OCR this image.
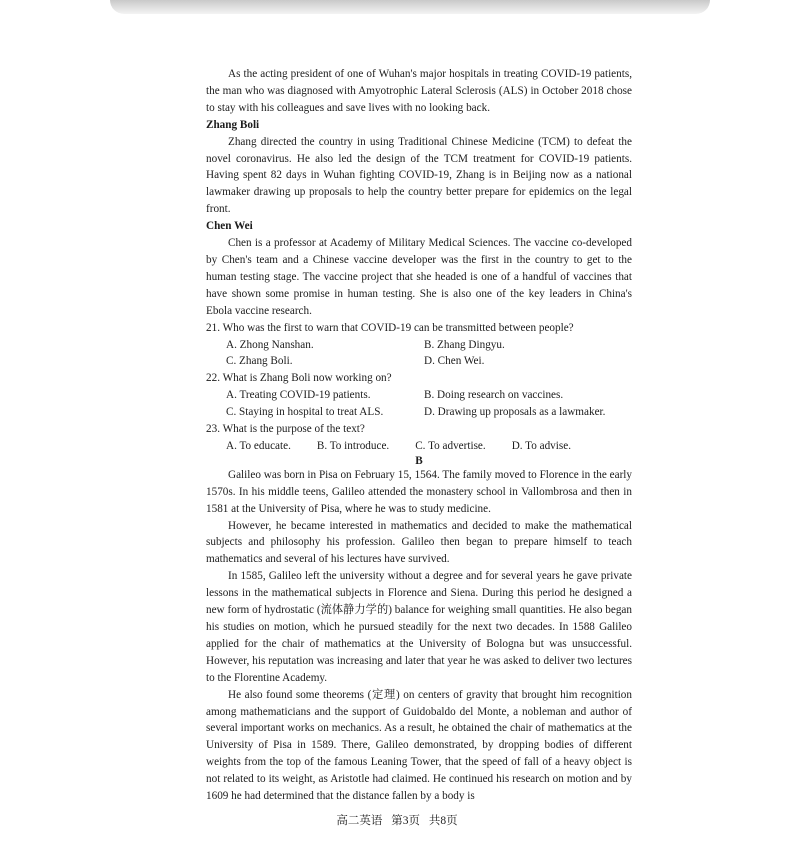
As the acting president of one of Wuhan's major hospitals in treating COVID-19 patients, the man who was diagnosed with Amyotrophic Lateral Sclerosis (ALS) in October 2018 chose to stay with his colleagues and save lives with no looking back.

Zhang Boli

Zhang directed the country in using Traditional Chinese Medicine (TCM) to defeat the novel coronavirus. He also led the design of the TCM treatment for COVID-19 patients. Having spent 82 days in Wuhan fighting COVID-19, Zhang is in Beijing now as a national lawmaker drawing up proposals to help the country better prepare for epidemics on the legal front.

Chen Wei

Chen is a professor at Academy of Military Medical Sciences. The vaccine co-developed by Chen's team and a Chinese vaccine developer was the first in the country to get to the human testing stage. The vaccine project that she headed is one of a handful of vaccines that have shown some promise in human testing. She is also one of the key leaders in China's Ebola vaccine research.

21. Who was the first to warn that COVID-19 can be transmitted between people?
A. Zhong Nanshan.	B. Zhang Dingyu.
C. Zhang Boli.	D. Chen Wei.
22. What is Zhang Boli now working on?
A. Treating COVID-19 patients.	B. Doing research on vaccines.
C. Staying in hospital to treat ALS.	D. Drawing up proposals as a lawmaker.
23. What is the purpose of the text?
A. To educate. B. To introduce. C. To advertise. D. To advise.
B

Galileo was born in Pisa on February 15, 1564. The family moved to Florence in the early 1570s. In his middle teens, Galileo attended the monastery school in Vallombrosa and then in 1581 at the University of Pisa, where he was to study medicine.

However, he became interested in mathematics and decided to make the mathematical subjects and philosophy his profession. Galileo then began to prepare himself to teach mathematics and several of his lectures have survived.

In 1585, Galileo left the university without a degree and for several years he gave private lessons in the mathematical subjects in Florence and Siena. During this period he designed a new form of hydrostatic (流体静力学的) balance for weighing small quantities. He also began his studies on motion, which he pursued steadily for the next two decades. In 1588 Galileo applied for the chair of mathematics at the University of Bologna but was unsuccessful. However, his reputation was increasing and later that year he was asked to deliver two lectures to the Florentine Academy.

He also found some theorems (定理) on centers of gravity that brought him recognition among mathematicians and the support of Guidobaldo del Monte, a nobleman and author of several important works on mechanics. As a result, he obtained the chair of mathematics at the University of Pisa in 1589. There, Galileo demonstrated, by dropping bodies of different weights from the top of the famous Leaning Tower, that the speed of fall of a heavy object is not related to its weight, as Aristotle had claimed. He continued his research on motion and by 1609 he had determined that the distance fallen by a body is

高二英语 第3页 共8页
